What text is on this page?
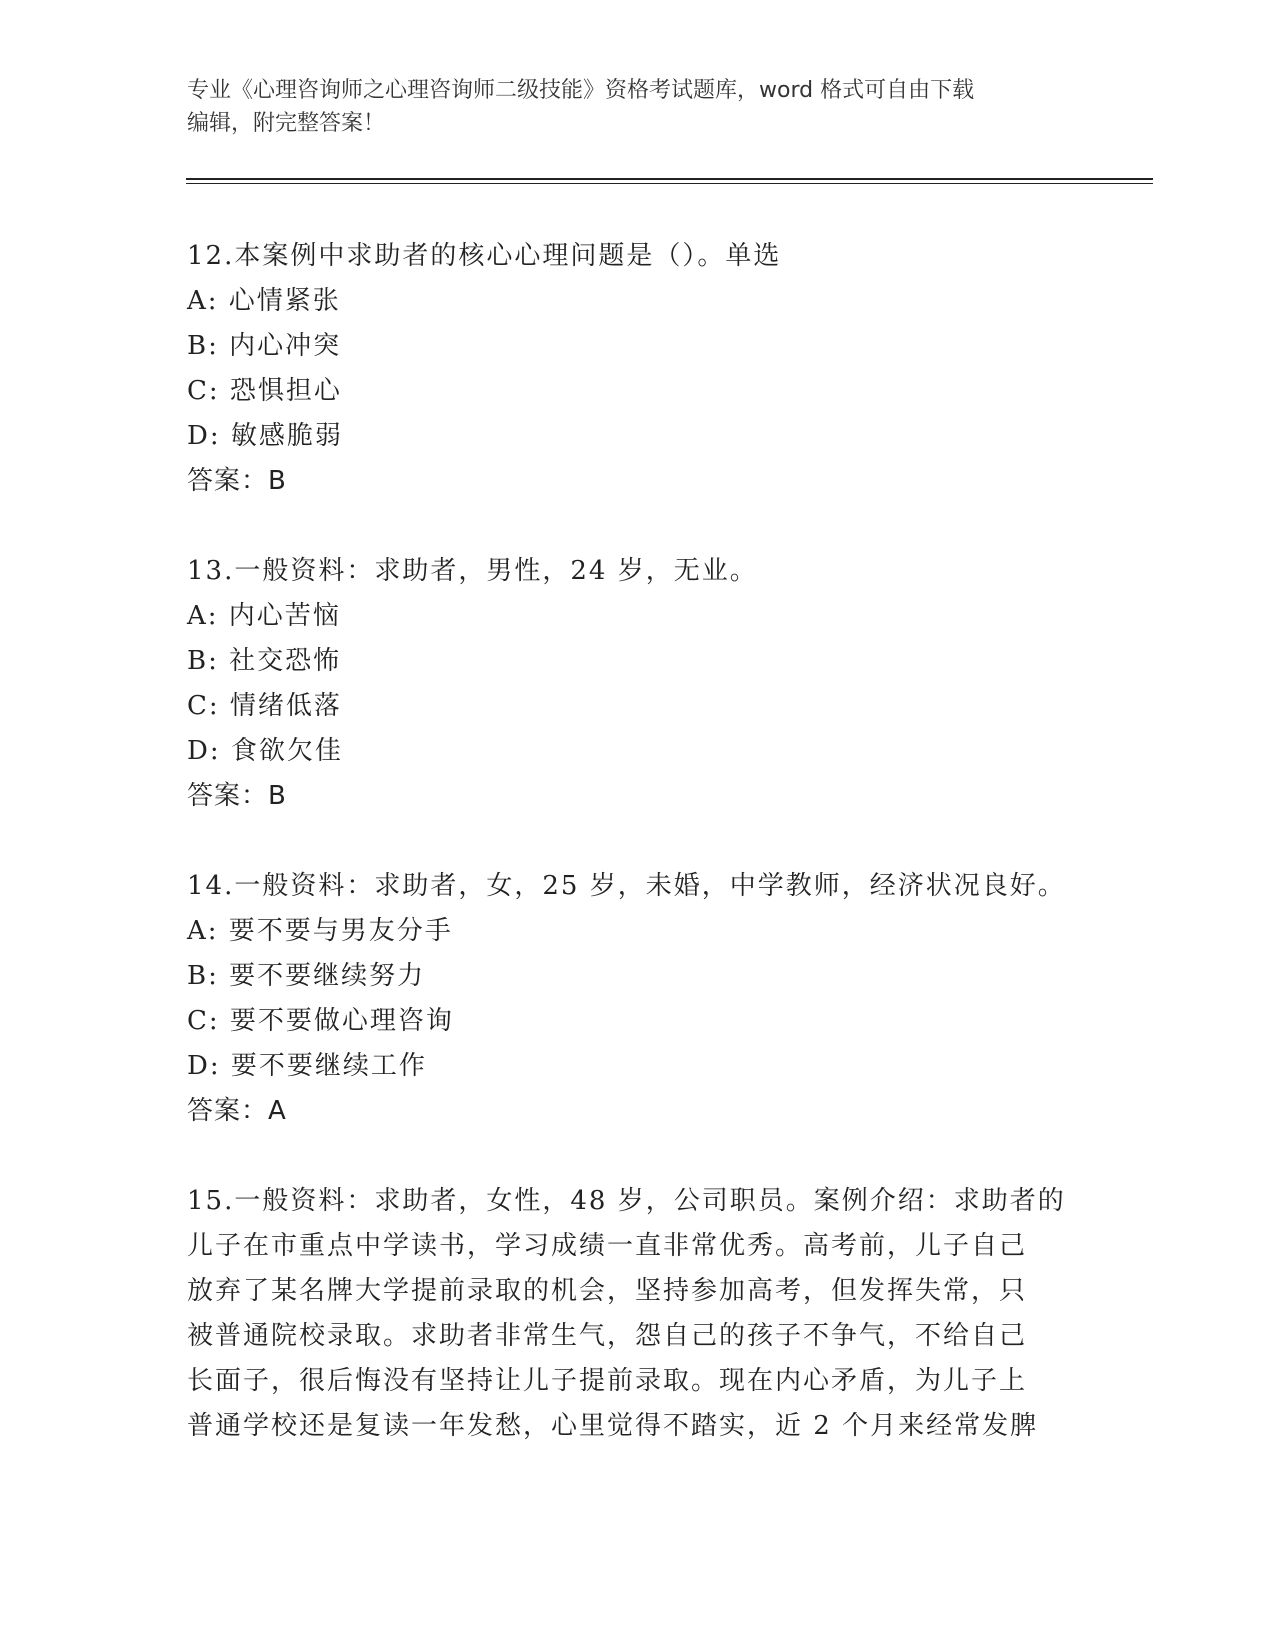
专业《心理咨询师之心理咨询师二级技能》资格考试题库，word 格式可自由下载
编辑，附完整答案！

12.本案例中求助者的核心心理问题是（）。单选

A: 心情紧张

B: 内心冲突

C: 恐惧担心

D: 敏感脆弱

答案：B

13.一般资料：求助者，男性，24 岁，无业。

A: 内心苦恼

B: 社交恐怖

C: 情绪低落

D: 食欲欠佳

答案：B

14.一般资料：求助者，女，25 岁，未婚，中学教师，经济状况良好。

A: 要不要与男友分手

B: 要不要继续努力

C: 要不要做心理咨询

D: 要不要继续工作

答案：A

15.一般资料：求助者，女性，48 岁，公司职员。案例介绍：求助者的

儿子在市重点中学读书，学习成绩一直非常优秀。高考前，儿子自己

放弃了某名牌大学提前录取的机会，坚持参加高考，但发挥失常，只

被普通院校录取。求助者非常生气，怨自己的孩子不争气，不给自己

长面子，很后悔没有坚持让儿子提前录取。现在内心矛盾，为儿子上

普通学校还是复读一年发愁，心里觉得不踏实，近 2 个月来经常发脾
